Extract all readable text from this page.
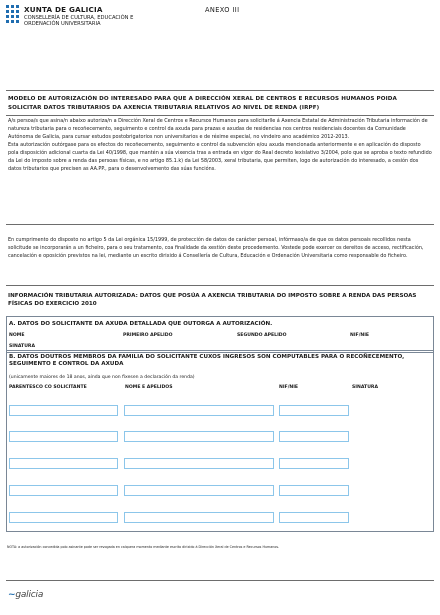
XUNTA DE GALICIA
CONSELLERÍA DE CULTURA, EDUCACIÓN E ORDENACIÓN UNIVERSITARIA
ANEXO III
MODELO DE AUTORIZACIÓN DO INTERESADO PARA QUE A DIRECCIÓN XERAL DE CENTROS E RECURSOS HUMANOS POIDA SOLICITAR DATOS TRIBUTARIOS DA AXENCIA TRIBUTARIA RELATIVOS AO NIVEL DE RENDA (IRPF)

A/s persoa/s que asina/n abaixo autoriza/n a Dirección Xeral de Centros e Recursos Humanos para solicitarlle á Axencia Estatal de Administración Tributaria información de natureza tributaria para o recoñecemento, seguimento e control da axuda para prazas e axudas de residencias nos centros residenciais docentes da Comunidade Autónoma de Galicia, para cursar estudos postobrigatorios non universitarios e de réxime especial, no vindeiro ano académico 2012-2013.

Esta autorización outórgase para os efectos do recoñecemento, seguimento e control da subvención e/ou axuda mencionada anteriormente e en aplicación do disposto pola disposición adicional cuarta da Lei 40/1998, que mantén a súa vixencia tras a entrada en vigor do Real decreto lexislativo 3/2004, polo que se aproba o texto refundido da Lei do imposto sobre a renda das persoas físicas, e no artigo 85.1.k) da Lei 58/2003, xeral tributaria, que permiten, logo de autorización do interesado, a cesión dos datos tributarios que precisen as AA.PP., para o desenvolvemento das súas funcións.

En cumprimento do disposto no artigo 5 da Lei orgánica 15/1999, de protección de datos de carácter persoal, infórmaso/a de que os datos persoais recollidos nesta solicitude se incorporarán a un ficheiro, para o seu tratamento, coa finalidade da xestión deste procedemento. Vostede pode exercer os dereitos de acceso, rectificación, cancelación e oposición previstos na lei, mediante un escrito dirixido á Consellería de Cultura, Educación e Ordenación Universitaria como responsable do ficheiro.
INFORMACIÓN TRIBUTARIA AUTORIZADA: DATOS QUE POSÚA A AXENCIA TRIBUTARIA DO IMPOSTO SOBRE A RENDA DAS PERSOAS FÍSICAS DO EXERCICIO 2010
A. DATOS DO SOLICITANTE DA AXUDA DETALLADA QUE OUTORGA A AUTORIZACIÓN.
NOME	PRIMEIRO APELIDO	SEGUNDO APELIDO	NIF/NIE
SINATURA
B. DATOS DOUTROS MEMBROS DA FAMILIA DO SOLICITANTE CUXOS INGRESOS SON COMPUTABLES PARA O RECOÑECEMENTO, SEGUIMENTO E CONTROL DA AXUDA
(unicamente maiores de 18 anos, aínda que non fixesen a declaración da renda)
PARENTESCO CO SOLICITANTE	NOME E APELIDOS	NIF/NIE	SINATURA
NOTA: a autorización concedida polo asinante pode ser revogada en calquera momento mediante escrito dirixido á Dirección Xeral de Centros e Recursos Humanos.
~galicia
